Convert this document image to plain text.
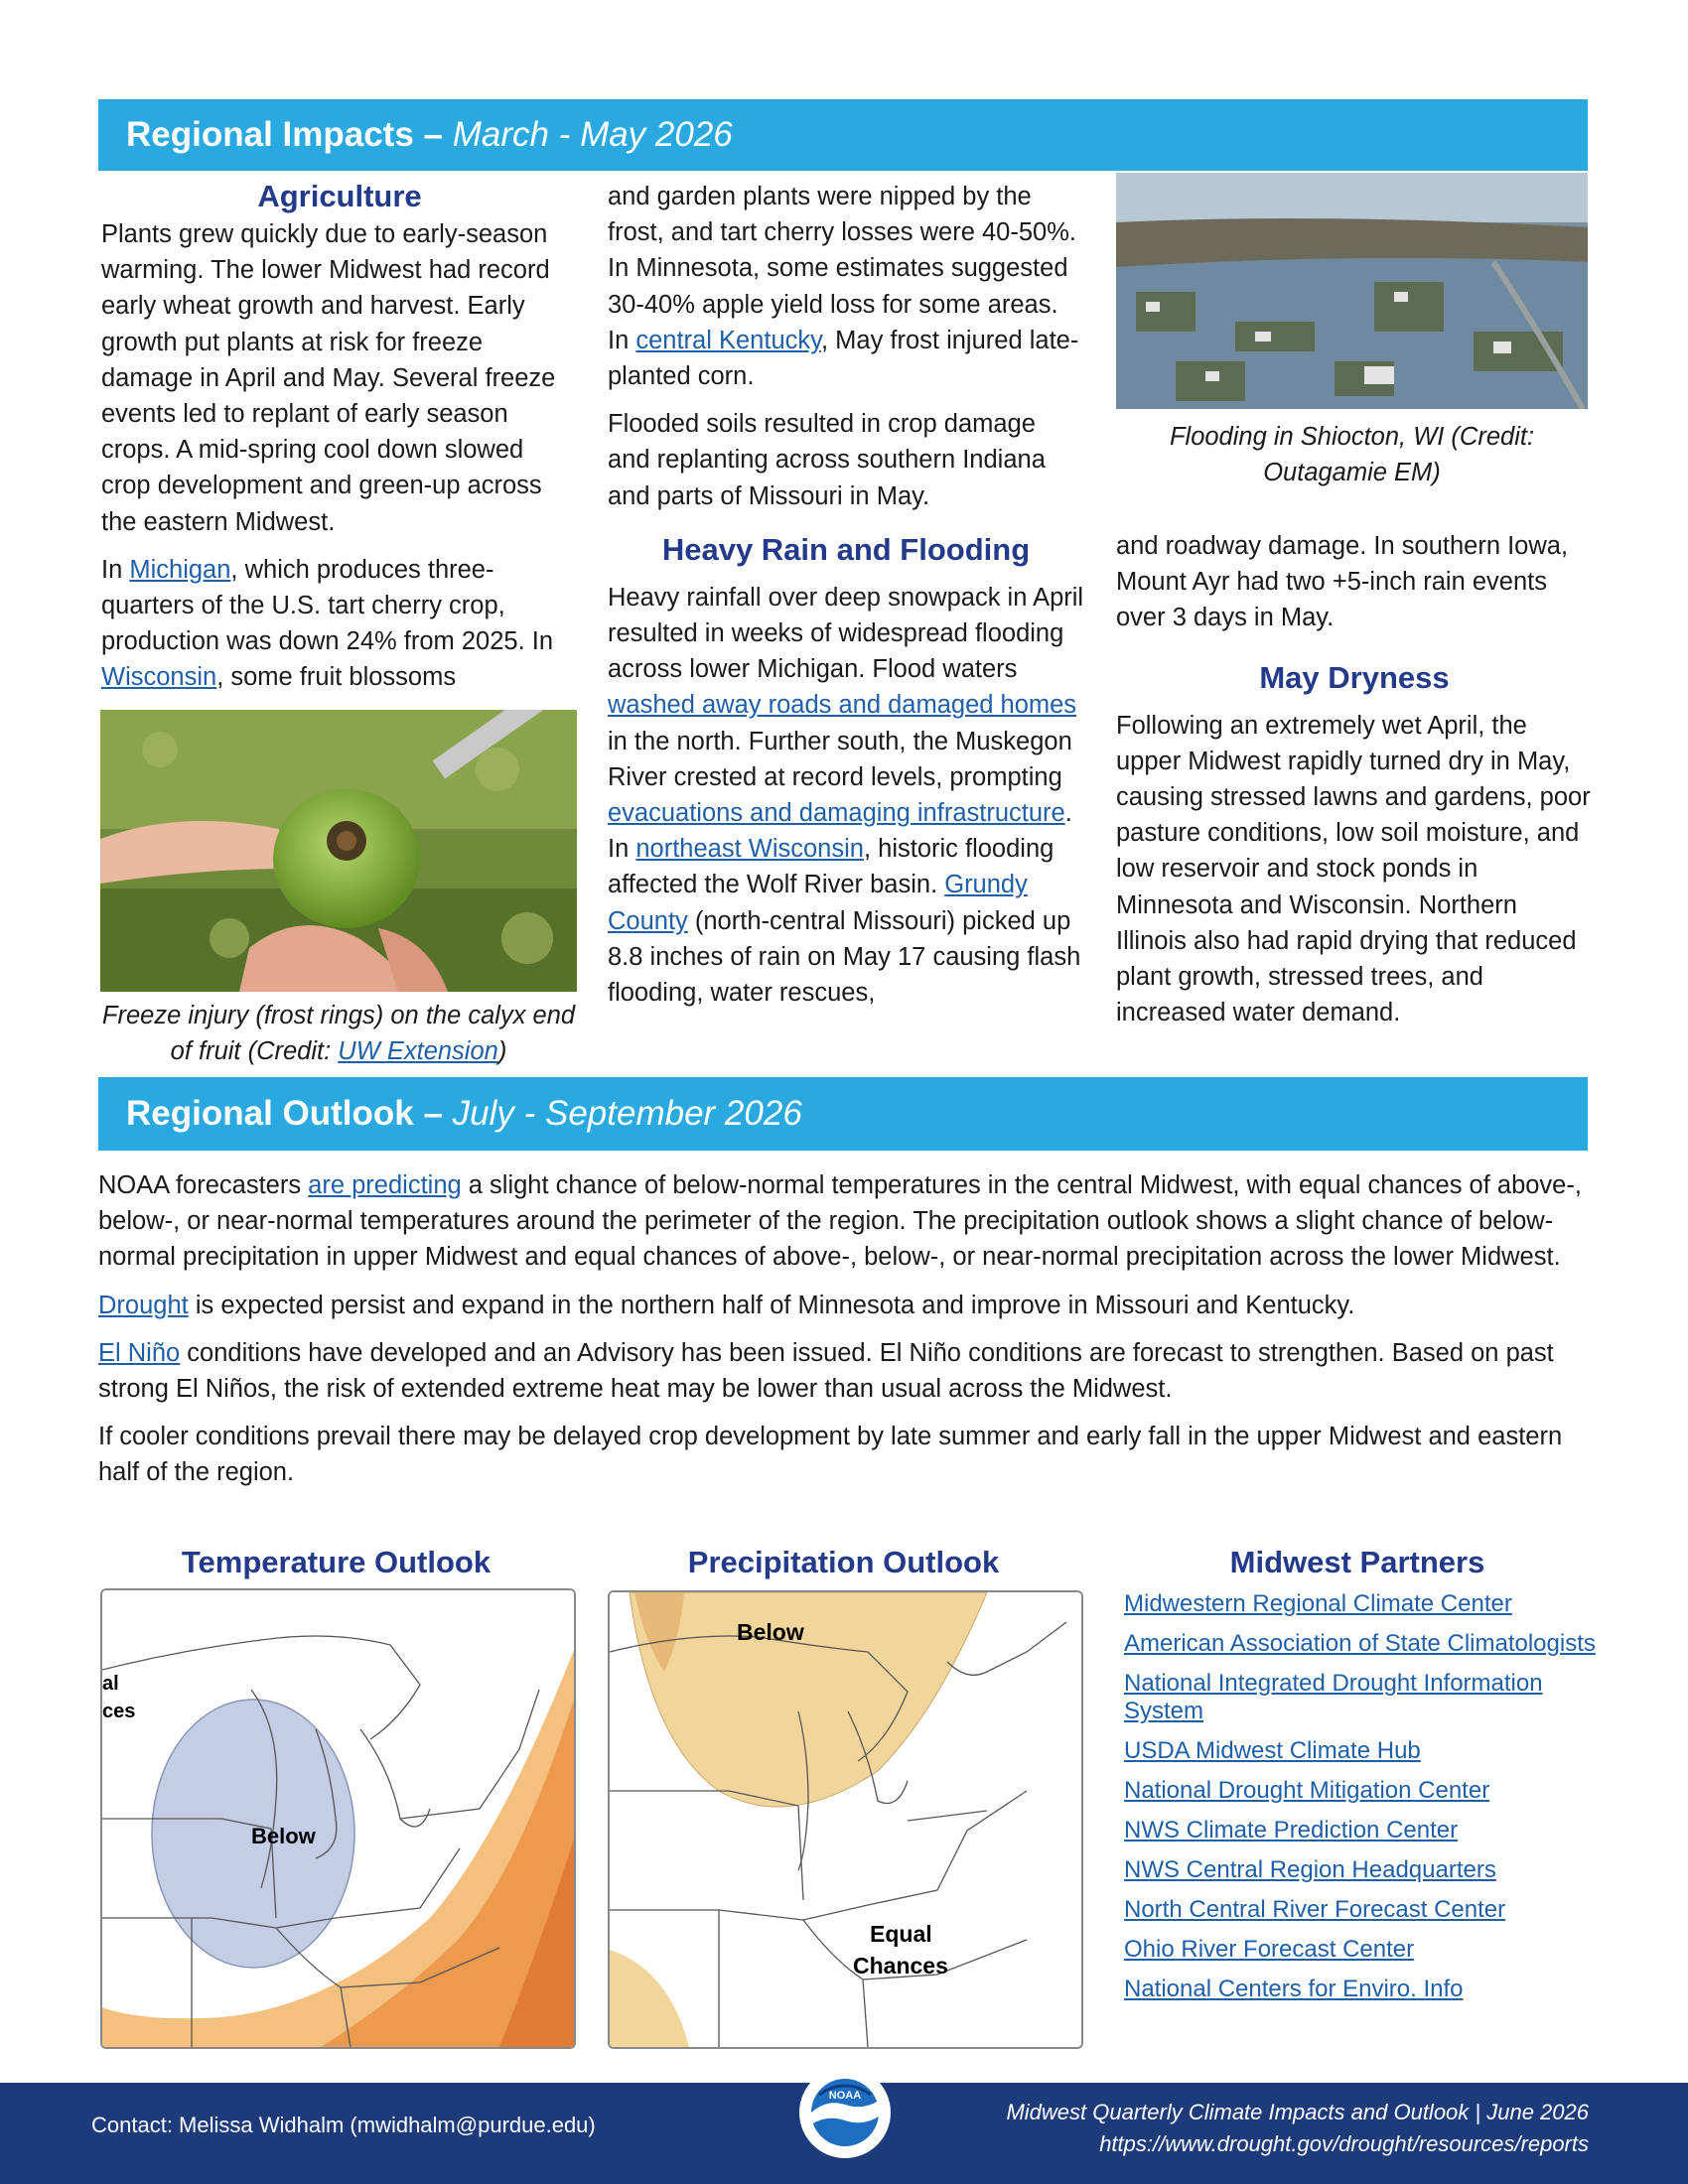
Regional Impacts – March - May 2026
Agriculture

Plants grew quickly due to early-season warming. The lower Midwest had record early wheat growth and harvest. Early growth put plants at risk for freeze damage in April and May. Several freeze events led to replant of early season crops. A mid-spring cool down slowed crop development and green-up across the eastern Midwest.

In Michigan, which produces three-quarters of the U.S. tart cherry crop, production was down 24% from 2025. In Wisconsin, some fruit blossoms

Freeze injury (frost rings) on the calyx end of fruit (Credit: UW Extension)

and garden plants were nipped by the frost, and tart cherry losses were 40-50%. In Minnesota, some estimates suggested 30-40% apple yield loss for some areas. In central Kentucky, May frost injured late-planted corn.

Flooded soils resulted in crop damage and replanting across southern Indiana and parts of Missouri in May.

Heavy Rain and Flooding

Heavy rainfall over deep snowpack in April resulted in weeks of widespread flooding across lower Michigan. Flood waters washed away roads and damaged homes in the north. Further south, the Muskegon River crested at record levels, prompting evacuations and damaging infrastructure. In northeast Wisconsin, historic flooding affected the Wolf River basin. Grundy County (north-central Missouri) picked up 8.8 inches of rain on May 17 causing flash flooding, water rescues,

Flooding in Shiocton, WI (Credit: Outagamie EM)

and roadway damage. In southern Iowa, Mount Ayr had two +5-inch rain events over 3 days in May.

May Dryness

Following an extremely wet April, the upper Midwest rapidly turned dry in May, causing stressed lawns and gardens, poor pasture conditions, low soil moisture, and low reservoir and stock ponds in Minnesota and Wisconsin. Northern Illinois also had rapid drying that reduced plant growth, stressed trees, and increased water demand.

Regional Outlook – July - September 2026

NOAA forecasters are predicting a slight chance of below-normal temperatures in the central Midwest, with equal chances of above-, below-, or near-normal temperatures around the perimeter of the region. The precipitation outlook shows a slight chance of below-normal precipitation in upper Midwest and equal chances of above-, below-, or near-normal precipitation across the lower Midwest.

Drought is expected persist and expand in the northern half of Minnesota and improve in Missouri and Kentucky.

El Niño conditions have developed and an Advisory has been issued. El Niño conditions are forecast to strengthen. Based on past strong El Niños, the risk of extended extreme heat may be lower than usual across the Midwest.

If cooler conditions prevail there may be delayed crop development by late summer and early fall in the upper Midwest and eastern half of the region.

Temperature Outlook
Below
al
ces
Precipitation Outlook
Below
Equal
Chances
Midwest Partners
Midwestern Regional Climate Center
American Association of State Climatologists
National Integrated Drought Information System
USDA Midwest Climate Hub
National Drought Mitigation Center
NWS Climate Prediction Center
NWS Central Region Headquarters
North Central River Forecast Center
Ohio River Forecast Center
National Centers for Enviro. Info
Contact: Melissa Widhalm (mwidhalm@purdue.edu)
NOAA
Midwest Quarterly Climate Impacts and Outlook | June 2026
https://www.drought.gov/drought/resources/reports
